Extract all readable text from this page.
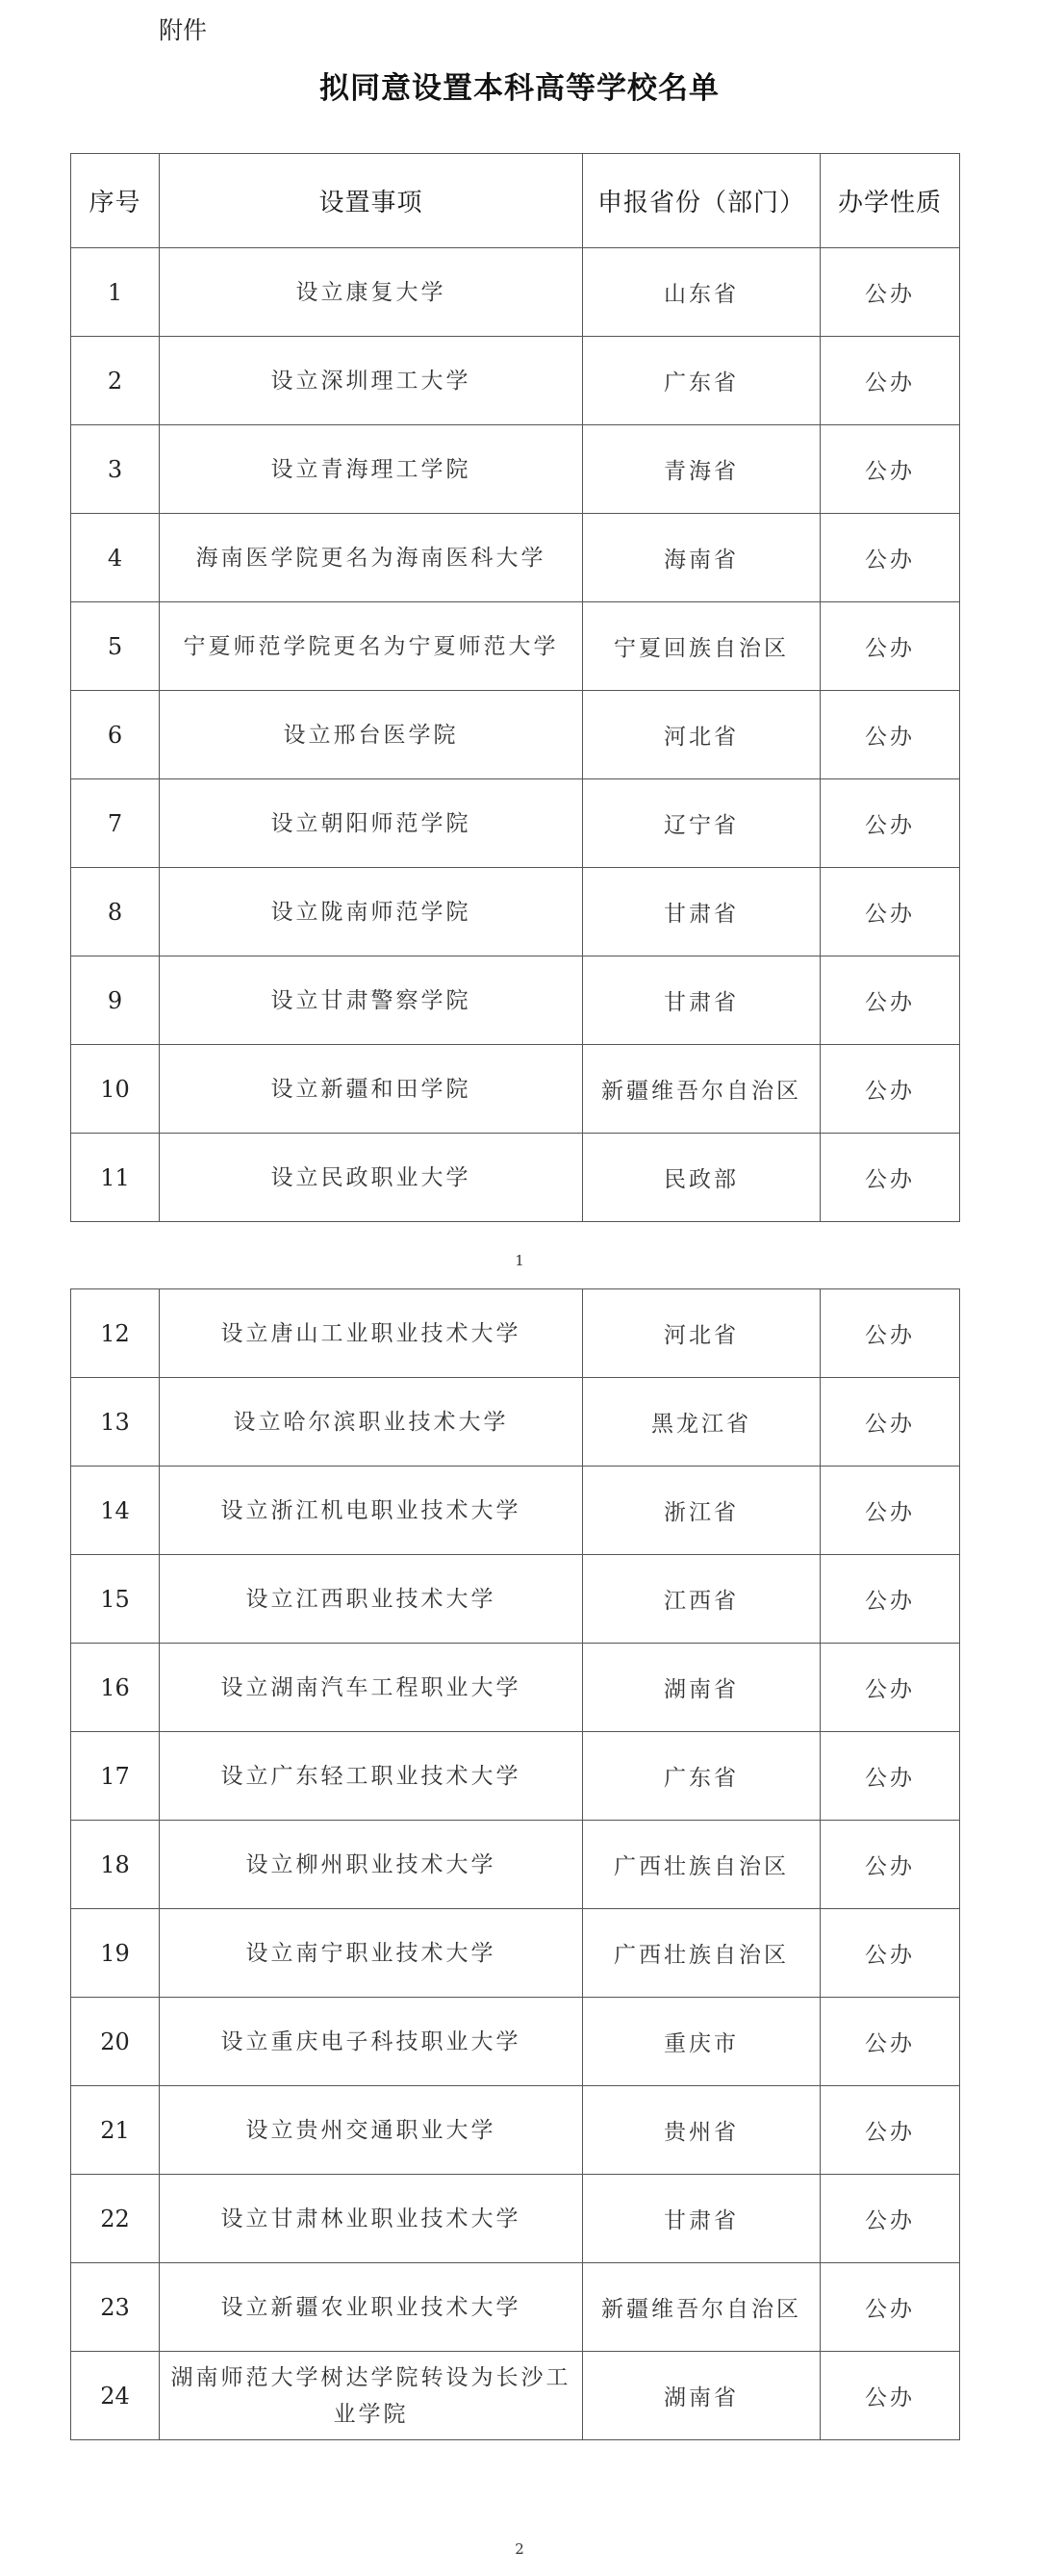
附件
拟同意设置本科高等学校名单
序号	设置事项	申报省份（部门）	办学性质
1	设立康复大学	山东省	公办
2	设立深圳理工大学	广东省	公办
3	设立青海理工学院	青海省	公办
4	海南医学院更名为海南医科大学	海南省	公办
5	宁夏师范学院更名为宁夏师范大学	宁夏回族自治区	公办
6	设立邢台医学院	河北省	公办
7	设立朝阳师范学院	辽宁省	公办
8	设立陇南师范学院	甘肃省	公办
9	设立甘肃警察学院	甘肃省	公办
10	设立新疆和田学院	新疆维吾尔自治区	公办
11	设立民政职业大学	民政部	公办
1
12	设立唐山工业职业技术大学	河北省	公办
13	设立哈尔滨职业技术大学	黑龙江省	公办
14	设立浙江机电职业技术大学	浙江省	公办
15	设立江西职业技术大学	江西省	公办
16	设立湖南汽车工程职业大学	湖南省	公办
17	设立广东轻工职业技术大学	广东省	公办
18	设立柳州职业技术大学	广西壮族自治区	公办
19	设立南宁职业技术大学	广西壮族自治区	公办
20	设立重庆电子科技职业大学	重庆市	公办
21	设立贵州交通职业大学	贵州省	公办
22	设立甘肃林业职业技术大学	甘肃省	公办
23	设立新疆农业职业技术大学	新疆维吾尔自治区	公办
24	湖南师范大学树达学院转设为长沙工业学院	湖南省	公办
2
